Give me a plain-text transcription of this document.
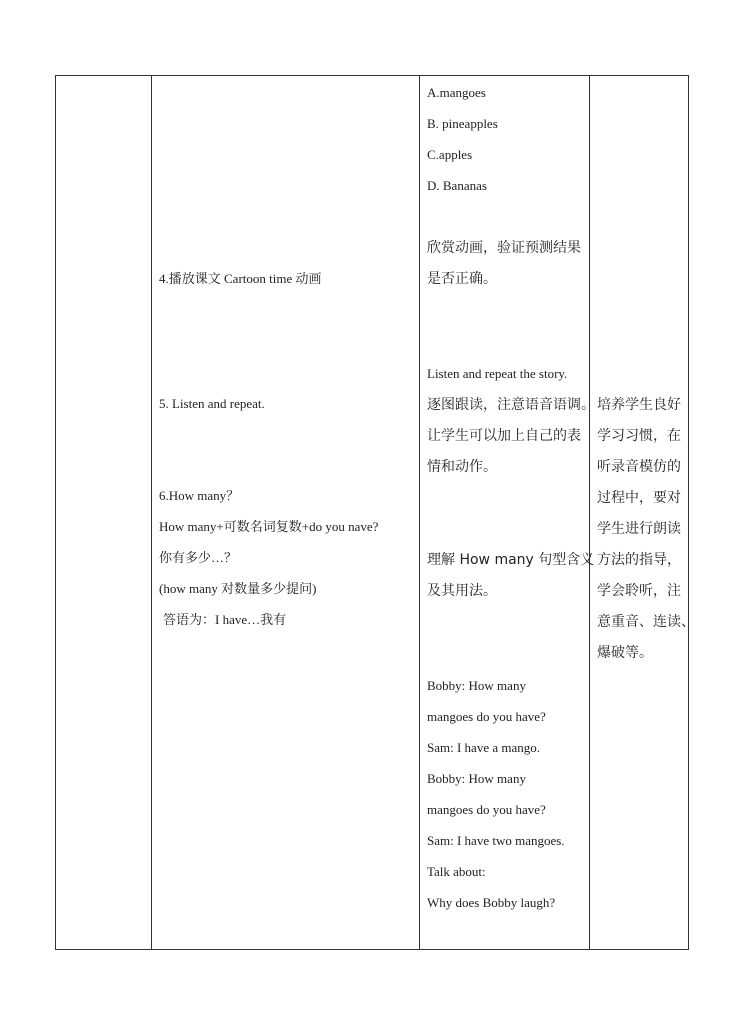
4.播放课文 Cartoon time 动画
5. Listen and repeat.
6.How many？
How many+可数名词复数+do you nave?
你有多少…？
(how many 对数量多少提问)
答语为：I have…我有
A.mangoes
B. pineapples
C.apples
D. Bananas
欣赏动画，验证预测结果
是否正确。
Listen and repeat the story.
逐图跟读，注意语音语调。
让学生可以加上自己的表
情和动作。
理解 How many 句型含义
及其用法。
Bobby: How many
mangoes do you have?
Sam: I have a mango.
Bobby: How many
mangoes do you have?
Sam: I have two mangoes.
Talk about:
Why does Bobby laugh?
培养学生良好
学习习惯，在
听录音模仿的
过程中，要对
学生进行朗读
方法的指导，
学会聆听，注
意重音、连读、
爆破等。
